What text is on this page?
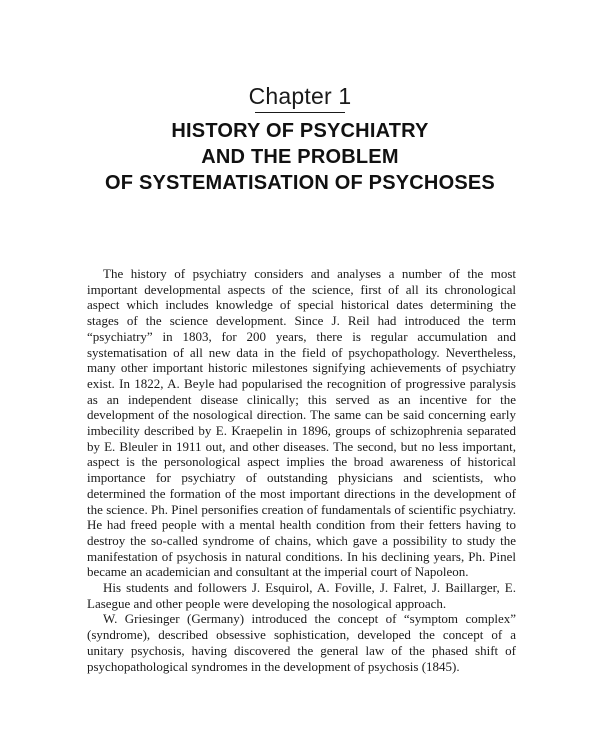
Chapter 1
HISTORY OF PSYCHIATRY
AND THE PROBLEM
OF SYSTEMATISATION OF PSYCHOSES

The history of psychiatry considers and analyses a number of the most important developmental aspects of the science, first of all its chronological aspect which includes knowledge of special historical dates determining the stages of the science development. Since J. Reil had introduced the term “psychiatry” in 1803, for 200 years, there is regular accumulation and systematisation of all new data in the field of psychopathology. Nevertheless, many other important historic milestones signifying achievements of psychiatry exist. In 1822, A. Beyle had popularised the recognition of progressive paralysis as an independent disease clinically; this served as an incentive for the development of the nosological direction. The same can be said concerning early imbecility described by E. Kraepelin in 1896, groups of schizophrenia separated by E. Bleuler in 1911 out, and other diseases. The second, but no less important, aspect is the personological aspect implies the broad awareness of historical importance for psychiatry of outstanding physicians and scientists, who determined the formation of the most important directions in the development of the science. Ph. Pinel personifies creation of fundamentals of scientific psychiatry. He had freed people with a mental health condition from their fetters having to destroy the so-called syndrome of chains, which gave a possibility to study the manifestation of psychosis in natural conditions. In his declining years, Ph. Pinel became an academician and consultant at the imperial court of Napoleon.

His students and followers J. Esquirol, A. Foville, J. Falret, J. Baillarger, E. Lasegue and other people were developing the nosological approach.

W. Griesinger (Germany) introduced the concept of “symptom complex” (syndrome), described obsessive sophistication, developed the concept of a unitary psychosis, having discovered the general law of the phased shift of psychopathological syndromes in the development of psychosis (1845).
